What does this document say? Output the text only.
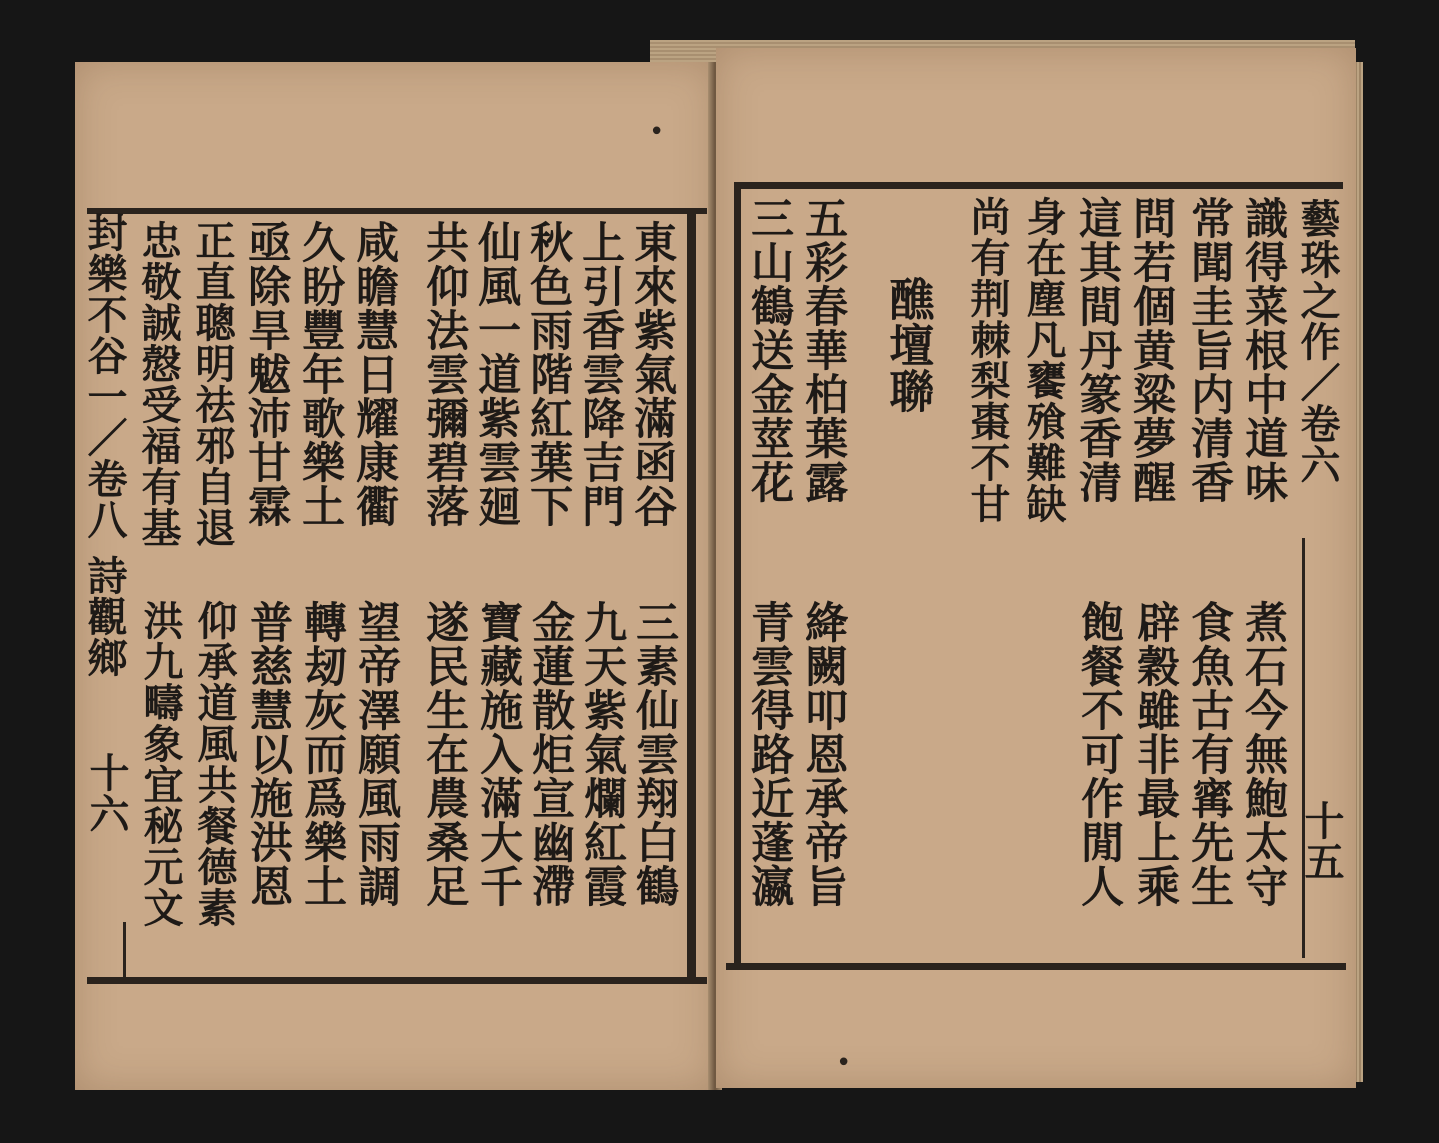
封樂不谷一／卷八 詩觀鄉
十六
東來紫氣滿函谷
上引香雲降吉門
秋色雨階紅葉下
仙風一道紫雲廻
共仰法雲彌碧落
咸瞻慧日耀康衢
久盼豐年歌樂土
亟除旱魃沛甘霖
正直聰明祛邪自退
忠敬誠慤受福有基
三素仙雲翔白鶴
九天紫氣爛紅霞
金蓮散炬宣幽滯
寶藏施入滿大千
遂民生在農桑足
望帝澤願風雨調
轉刼灰而爲樂土
普慈慧以施洪恩
仰承道風共餐德素
洪九疇象宜秘元文
•
藝珠之作／卷六
十五
識得菜根中道味
常聞圭旨内清香
問若個黄粱夢醒
這其間丹篆香清
身在塵凡饔飱難缺
尚有荆棘梨棗不甘
醮壇聯
五彩春華柏葉露
三山鶴送金莖花
煮石今無鮑太守
食魚古有寗先生
辟穀雖非最上乘
飽餐不可作閒人
絳闕叩恩承帝旨
青雲得路近蓬瀛
•
